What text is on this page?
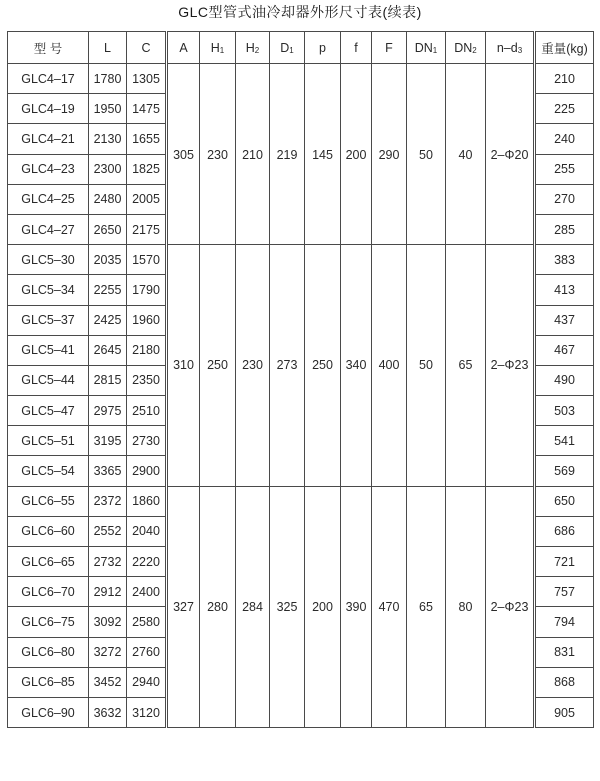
GLC型管式油冷却器外形尺寸表(续表)
型 号	L	C	A	H1	H2	D1	p	f	F	DN1	DN2	n–d3	重量(kg)
GLC4–17	1780	1305	305	230	210	219	145	200	290	50	40	2–Φ20	210
GLC4–19	1950	1475											225
GLC4–21	2130	1655											240
GLC4–23	2300	1825											255
GLC4–25	2480	2005											270
GLC4–27	2650	2175											285
GLC5–30	2035	1570	310	250	230	273	250	340	400	50	65	2–Φ23	383
GLC5–34	2255	1790											413
GLC5–37	2425	1960											437
GLC5–41	2645	2180											467
GLC5–44	2815	2350											490
GLC5–47	2975	2510											503
GLC5–51	3195	2730											541
GLC5–54	3365	2900											569
GLC6–55	2372	1860	327	280	284	325	200	390	470	65	80	2–Φ23	650
GLC6–60	2552	2040											686
GLC6–65	2732	2220											721
GLC6–70	2912	2400											757
GLC6–75	3092	2580											794
GLC6–80	3272	2760											831
GLC6–85	3452	2940											868
GLC6–90	3632	3120											905
